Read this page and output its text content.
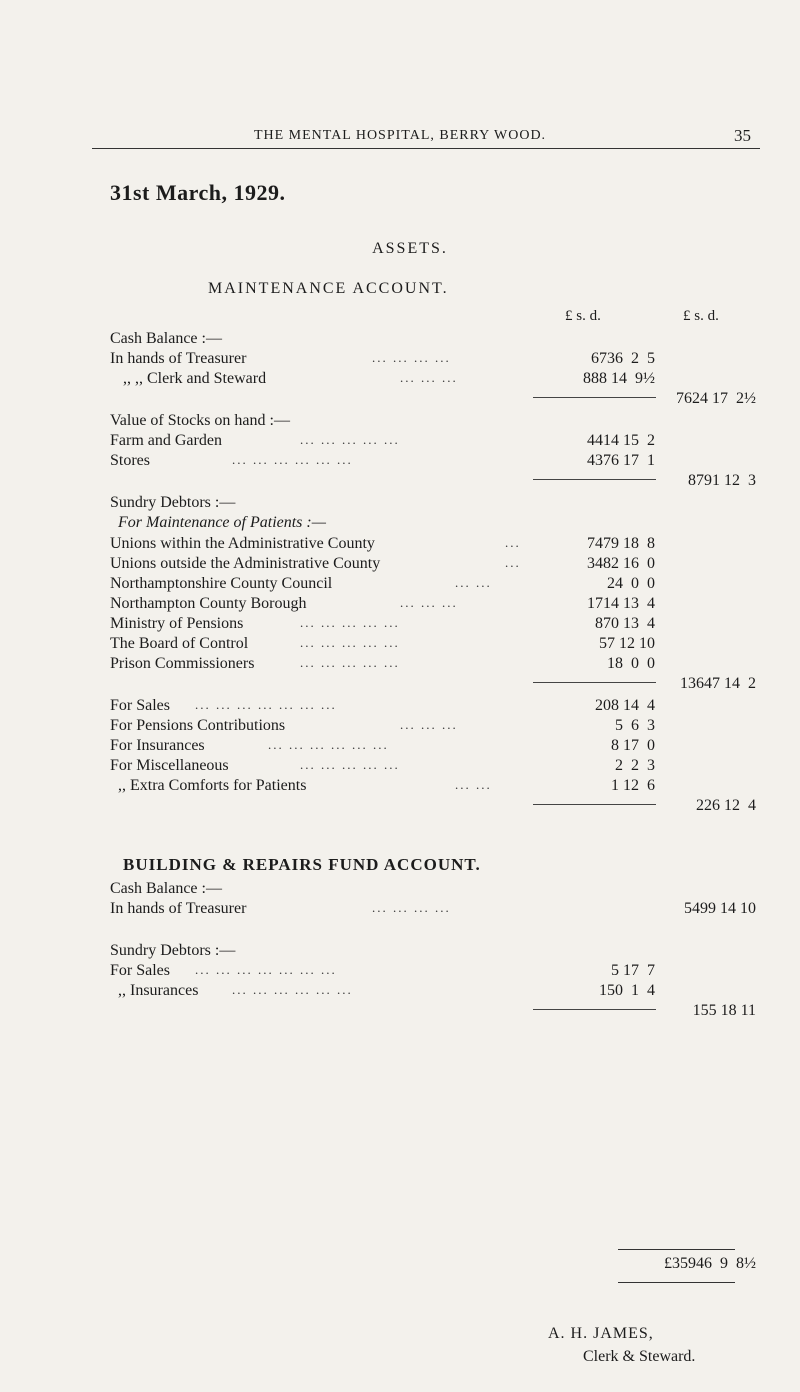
THE MENTAL HOSPITAL, BERRY WOOD.	35
31st March, 1929.
ASSETS.
MAINTENANCE ACCOUNT.
£ s. d.	£ s. d.
Cash Balance :—
In hands of Treasurer	... ... ... ...	6736  2  5
,, ,, Clerk and Steward	... ... ...	888 14  9½
7624 17  2½
Value of Stocks on hand :—
Farm and Garden	... ... ... ... ...	4414 15  2
Stores	... ... ... ... ... ...	4376 17  1
8791 12  3
Sundry Debtors :—
For Maintenance of Patients :—
Unions within the Administrative County	...	7479 18  8
Unions outside the Administrative County	...	3482 16  0
Northamptonshire County Council	... ...	24  0  0
Northampton County Borough	... ... ...	1714 13  4
Ministry of Pensions	... ... ... ... ...	870 13  4
The Board of Control	... ... ... ... ...	57 12 10
Prison Commissioners	... ... ... ... ...	18  0  0
13647 14  2
For Sales ... ... ... ... ... ... ...	208 14  4
For Pensions Contributions	... ... ...	5  6  3
For Insurances	... ... ... ... ... ...	8 17  0
For Miscellaneous	... ... ... ... ...	2  2  3
,, Extra Comforts for Patients	... ...	1 12  6
226 12  4
BUILDING & REPAIRS FUND ACCOUNT.
Cash Balance :—
In hands of Treasurer	... ... ... ...	5499 14 10
Sundry Debtors :—
For Sales ... ... ... ... ... ... ...	5 17  7
,, Insurances	... ... ... ... ... ...	150  1  4
155 18 11
£35946  9  8½
A. H. JAMES,
Clerk & Steward.
